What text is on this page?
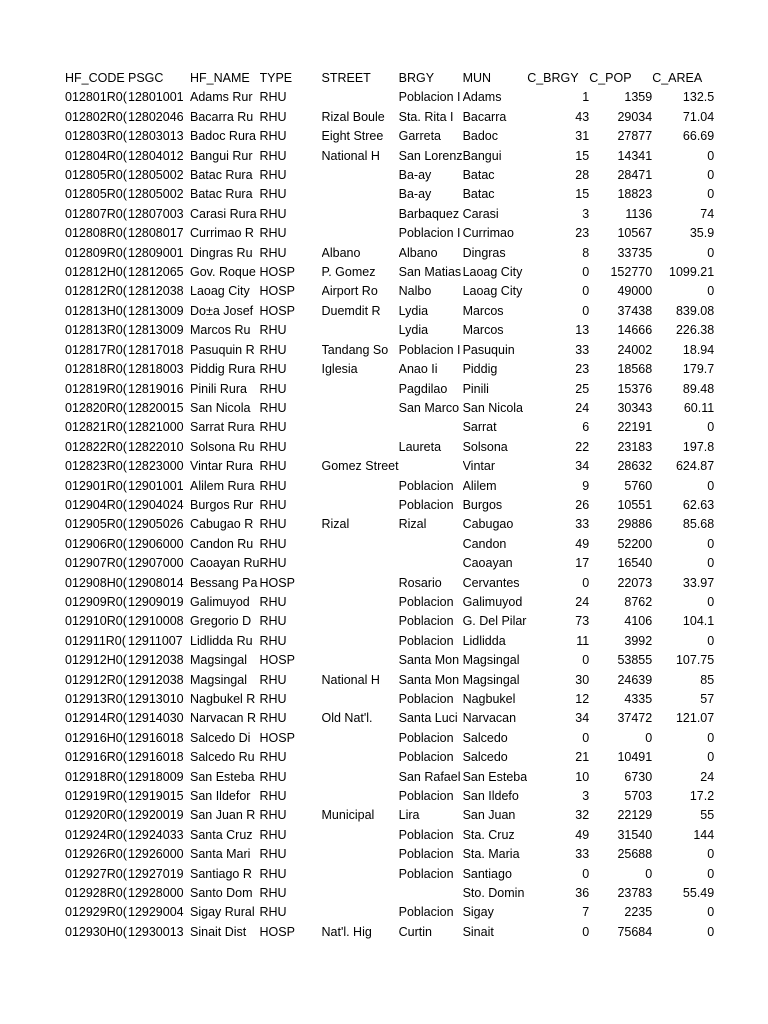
HF_CODE	PSGC	HF_NAME	TYPE	STREET	BRGY	MUN	C_BRGY	C_POP	C_AREA
012801R0(	12801001	Adams Rur	RHU		Poblacion I	Adams	1	1359	132.5
012802R0(	12802046	Bacarra Ru	RHU	Rizal Boule	Sta. Rita I	Bacarra	43	29034	71.04
012803R0(	12803013	Badoc Rura	RHU	Eight Stree	Garreta	Badoc	31	27877	66.69
012804R0(	12804012	Bangui Rur	RHU	National H	San Lorenz	Bangui	15	14341	0
012805R0(	12805002	Batac Rura	RHU		Ba-ay	Batac	28	28471	0
012805R0(	12805002	Batac Rura	RHU		Ba-ay	Batac	15	18823	0
012807R0(	12807003	Carasi Rura	RHU		Barbaquez	Carasi	3	1136	74
012808R0(	12808017	Currimao R	RHU		Poblacion I	Currimao	23	10567	35.9
012809R0(	12809001	Dingras Ru	RHU	Albano	Albano	Dingras	8	33735	0
012812H0(	12812065	Gov. Roque	HOSP	P. Gomez	San Matias	Laoag City	0	152770	1099.21
012812R0(	12812038	Laoag City	HOSP	Airport Ro	Nalbo	Laoag City	0	49000	0
012813H0(	12813009	Do±a Josef	HOSP	Duemdit R	Lydia	Marcos	0	37438	839.08
012813R0(	12813009	Marcos Ru	RHU		Lydia	Marcos	13	14666	226.38
012817R0(	12817018	Pasuquin R	RHU	Tandang So	Poblacion I	Pasuquin	33	24002	18.94
012818R0(	12818003	Piddig Rura	RHU	Iglesia	Anao Ii	Piddig	23	18568	179.7
012819R0(	12819016	Pinili Rura	RHU		Pagdilao	Pinili	25	15376	89.48
012820R0(	12820015	San Nicola	RHU		San Marco	San Nicola	24	30343	60.11
012821R0(	12821000	Sarrat Rura	RHU			Sarrat	6	22191	0
012822R0(	12822010	Solsona Ru	RHU		Laureta	Solsona	22	23183	197.8
012823R0(	12823000	Vintar Rura	RHU	Gomez Street		Vintar	34	28632	624.87
012901R0(	12901001	Alilem Rura	RHU		Poblacion	Alilem	9	5760	0
012904R0(	12904024	Burgos Rur	RHU		Poblacion	Burgos	26	10551	62.63
012905R0(	12905026	Cabugao R	RHU	Rizal	Rizal	Cabugao	33	29886	85.68
012906R0(	12906000	Candon Ru	RHU			Candon	49	52200	0
012907R0(	12907000	Caoayan Ru	RHU			Caoayan	17	16540	0
012908H0(	12908014	Bessang Pa	HOSP		Rosario	Cervantes	0	22073	33.97
012909R0(	12909019	Galimuyod	RHU		Poblacion	Galimuyod	24	8762	0
012910R0(	12910008	Gregorio D	RHU		Poblacion	G. Del Pilar	73	4106	104.1
012911R0(	12911007	Lidlidda Ru	RHU		Poblacion	Lidlidda	11	3992	0
012912H0(	12912038	Magsingal	HOSP		Santa Mon	Magsingal	0	53855	107.75
012912R0(	12912038	Magsingal	RHU	National H	Santa Mon	Magsingal	30	24639	85
012913R0(	12913010	Nagbukel R	RHU		Poblacion	Nagbukel	12	4335	57
012914R0(	12914030	Narvacan R	RHU	Old Nat'l.	Santa Luci	Narvacan	34	37472	121.07
012916H0(	12916018	Salcedo Di	HOSP		Poblacion	Salcedo	0	0	0
012916R0(	12916018	Salcedo Ru	RHU		Poblacion	Salcedo	21	10491	0
012918R0(	12918009	San Esteba	RHU		San Rafael	San Esteba	10	6730	24
012919R0(	12919015	San Ildefor	RHU		Poblacion	San Ildefo	3	5703	17.2
012920R0(	12920019	San Juan R	RHU	Municipal	Lira	San Juan	32	22129	55
012924R0(	12924033	Santa Cruz	RHU		Poblacion	Sta. Cruz	49	31540	144
012926R0(	12926000	Santa Mari	RHU		Poblacion	Sta. Maria	33	25688	0
012927R0(	12927019	Santiago R	RHU		Poblacion	Santiago	0	0	0
012928R0(	12928000	Santo Dom	RHU			Sto. Domin	36	23783	55.49
012929R0(	12929004	Sigay Rural	RHU		Poblacion	Sigay	7	2235	0
012930H0(	12930013	Sinait Dist	HOSP	Nat'l. Hig	Curtin	Sinait	0	75684	0
